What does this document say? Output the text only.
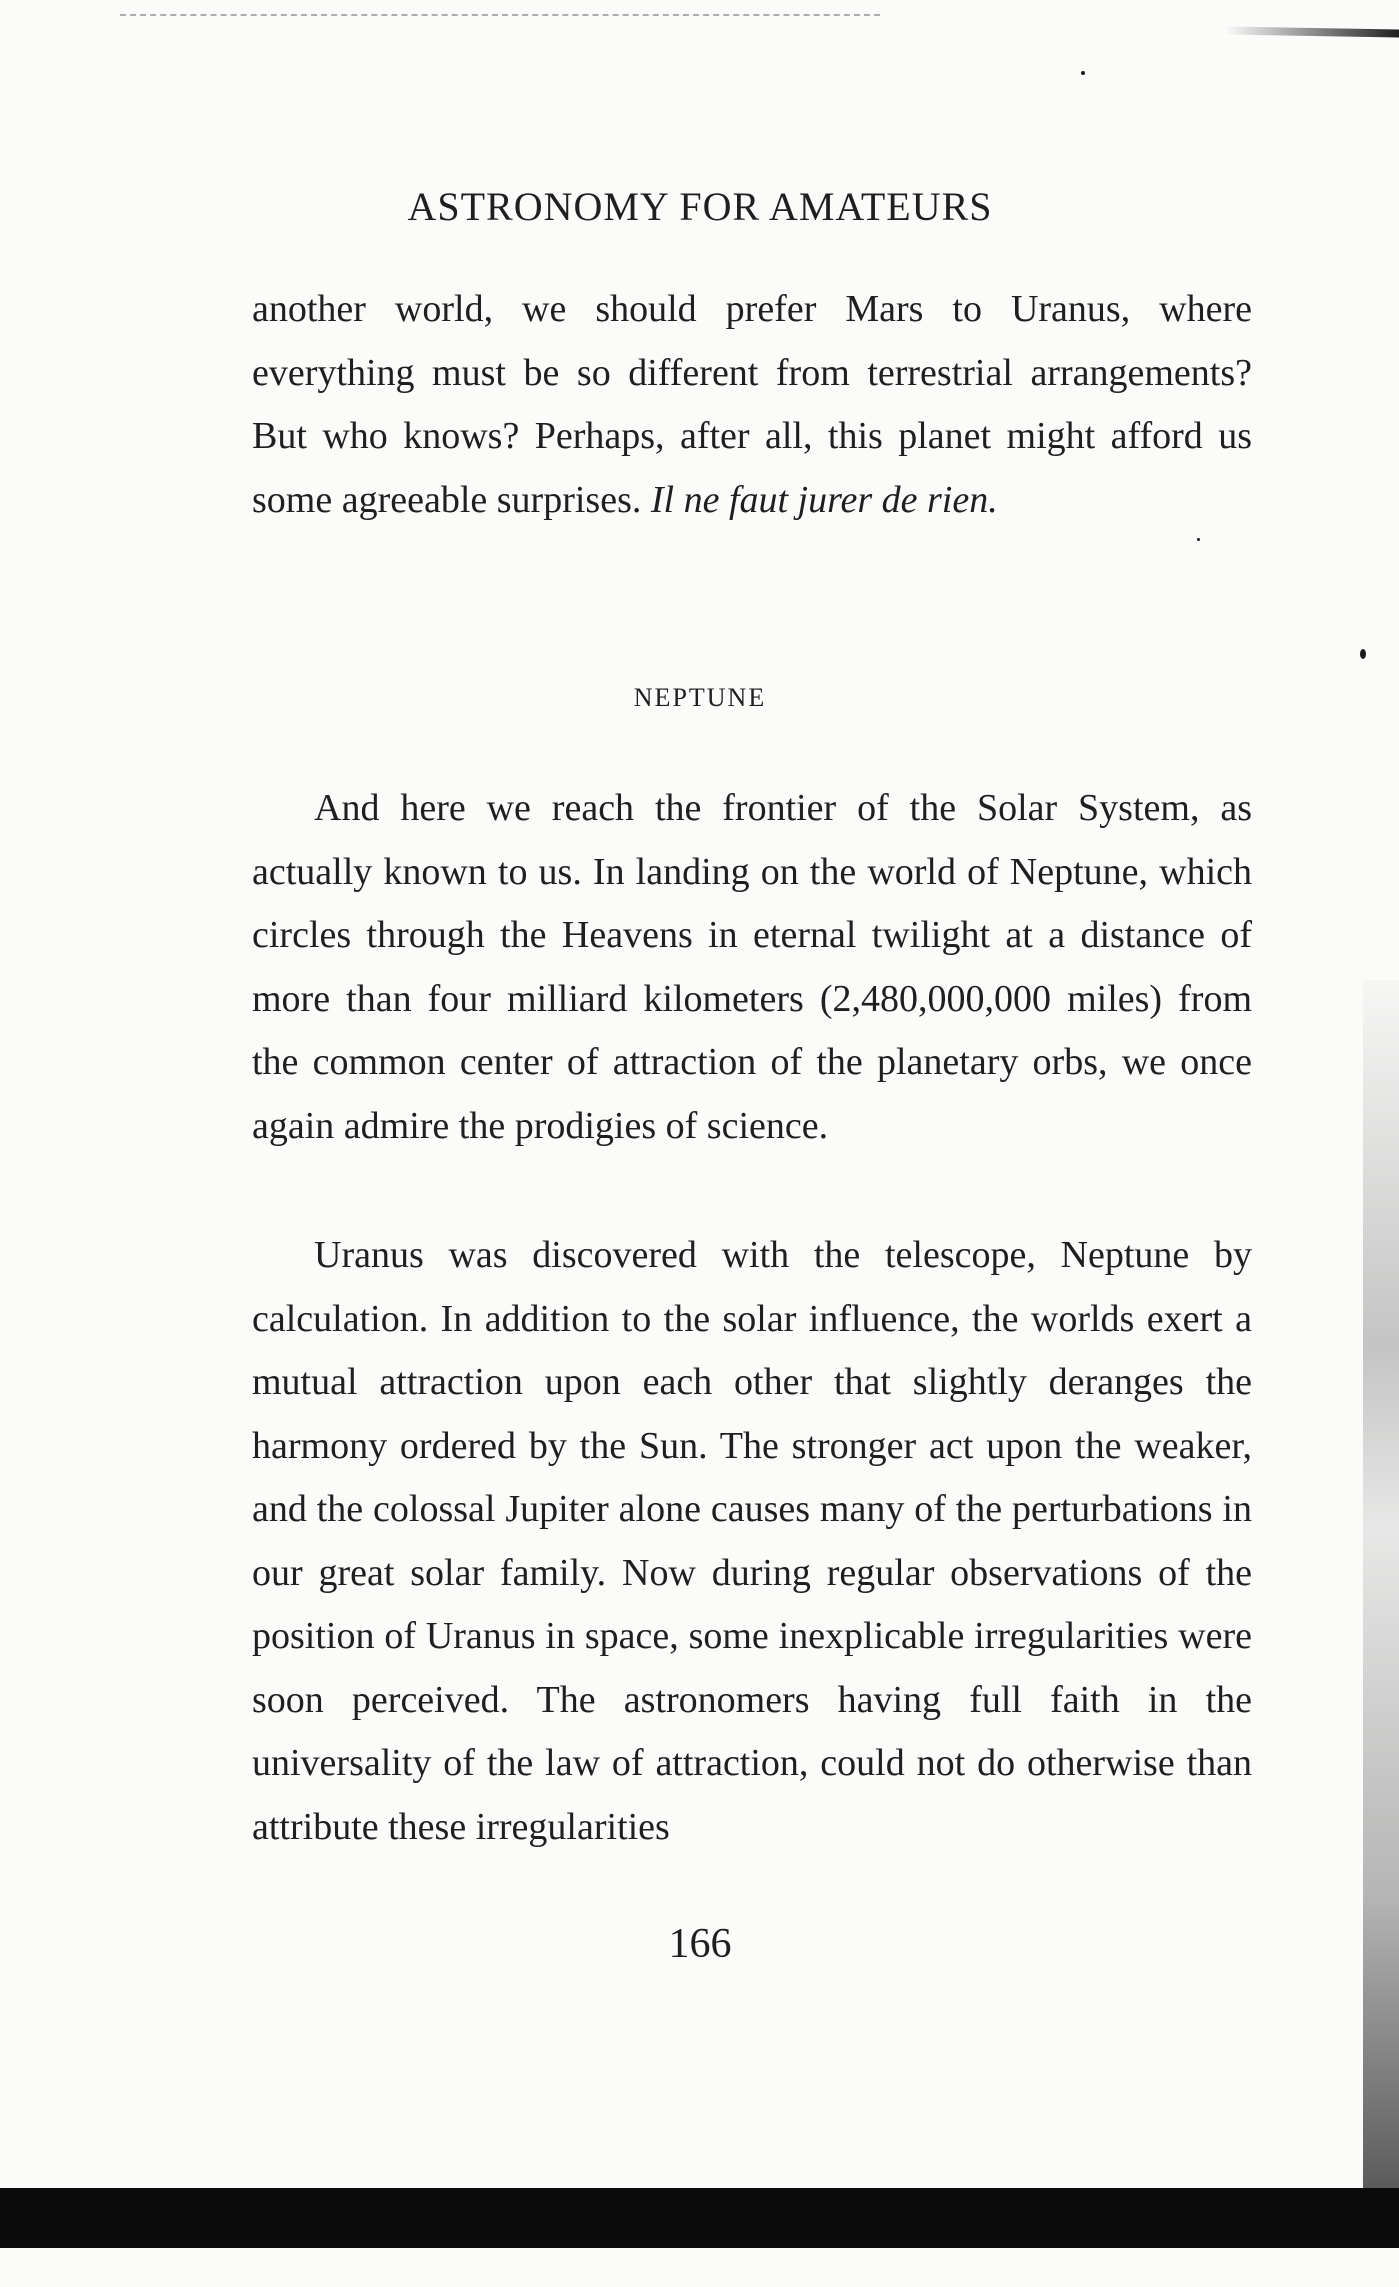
ASTRONOMY FOR AMATEURS
another world, we should prefer Mars to Uranus, where everything must be so different from terrestrial arrangements? But who knows? Perhaps, after all, this planet might afford us some agreeable surprises. Il ne faut jurer de rien.
NEPTUNE
And here we reach the frontier of the Solar System, as actually known to us. In landing on the world of Neptune, which circles through the Heavens in eternal twilight at a distance of more than four milliard kilometers (2,480,000,000 miles) from the common center of attraction of the planetary orbs, we once again admire the prodigies of science.
Uranus was discovered with the telescope, Neptune by calculation. In addition to the solar influence, the worlds exert a mutual attraction upon each other that slightly deranges the harmony ordered by the Sun. The stronger act upon the weaker, and the colossal Jupiter alone causes many of the perturbations in our great solar family. Now during regular observations of the position of Uranus in space, some inexplicable irregularities were soon perceived. The astronomers having full faith in the universality of the law of attraction, could not do otherwise than attribute these irregularities
166
